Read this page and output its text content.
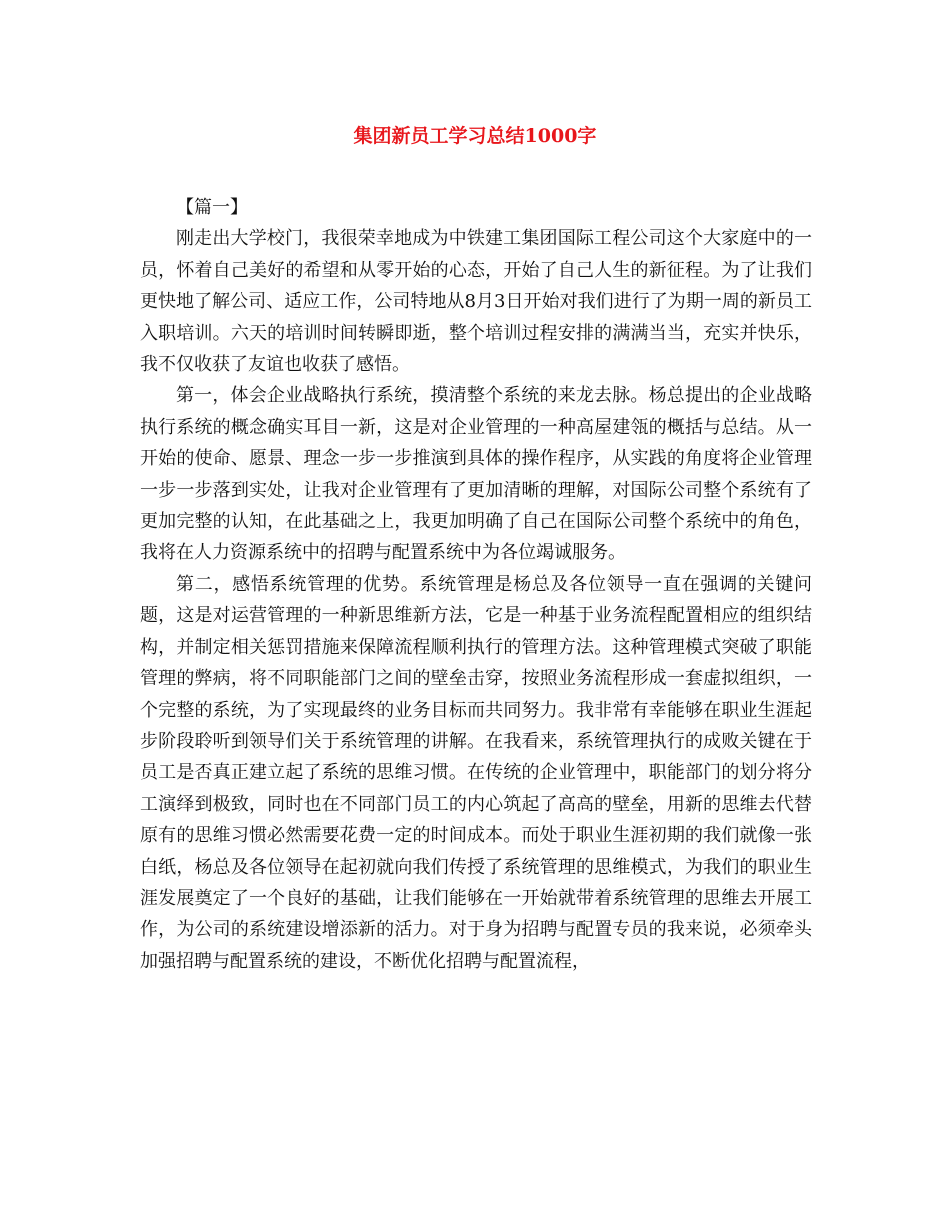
集团新员工学习总结1000字

【篇一】

刚走出大学校门，我很荣幸地成为中铁建工集团国际工程公司这个大家庭中的一员，怀着自己美好的希望和从零开始的心态，开始了自己人生的新征程。为了让我们更快地了解公司、适应工作，公司特地从8月3日开始对我们进行了为期一周的新员工入职培训。六天的培训时间转瞬即逝，整个培训过程安排的满满当当，充实并快乐，我不仅收获了友谊也收获了感悟。

第一，体会企业战略执行系统，摸清整个系统的来龙去脉。杨总提出的企业战略执行系统的概念确实耳目一新，这是对企业管理的一种高屋建瓴的概括与总结。从一开始的使命、愿景、理念一步一步推演到具体的操作程序，从实践的角度将企业管理一步一步落到实处，让我对企业管理有了更加清晰的理解，对国际公司整个系统有了更加完整的认知，在此基础之上，我更加明确了自己在国际公司整个系统中的角色，我将在人力资源系统中的招聘与配置系统中为各位竭诚服务。

第二，感悟系统管理的优势。系统管理是杨总及各位领导一直在强调的关键问题，这是对运营管理的一种新思维新方法，它是一种基于业务流程配置相应的组织结构，并制定相关惩罚措施来保障流程顺利执行的管理方法。这种管理模式突破了职能管理的弊病，将不同职能部门之间的壁垒击穿，按照业务流程形成一套虚拟组织，一个完整的系统，为了实现最终的业务目标而共同努力。我非常有幸能够在职业生涯起步阶段聆听到领导们关于系统管理的讲解。在我看来，系统管理执行的成败关键在于员工是否真正建立起了系统的思维习惯。在传统的企业管理中，职能部门的划分将分工演绎到极致，同时也在不同部门员工的内心筑起了高高的壁垒，用新的思维去代替原有的思维习惯必然需要花费一定的时间成本。而处于职业生涯初期的我们就像一张白纸，杨总及各位领导在起初就向我们传授了系统管理的思维模式，为我们的职业生涯发展奠定了一个良好的基础，让我们能够在一开始就带着系统管理的思维去开展工作，为公司的系统建设增添新的活力。对于身为招聘与配置专员的我来说，必须牵头加强招聘与配置系统的建设，不断优化招聘与配置流程，
